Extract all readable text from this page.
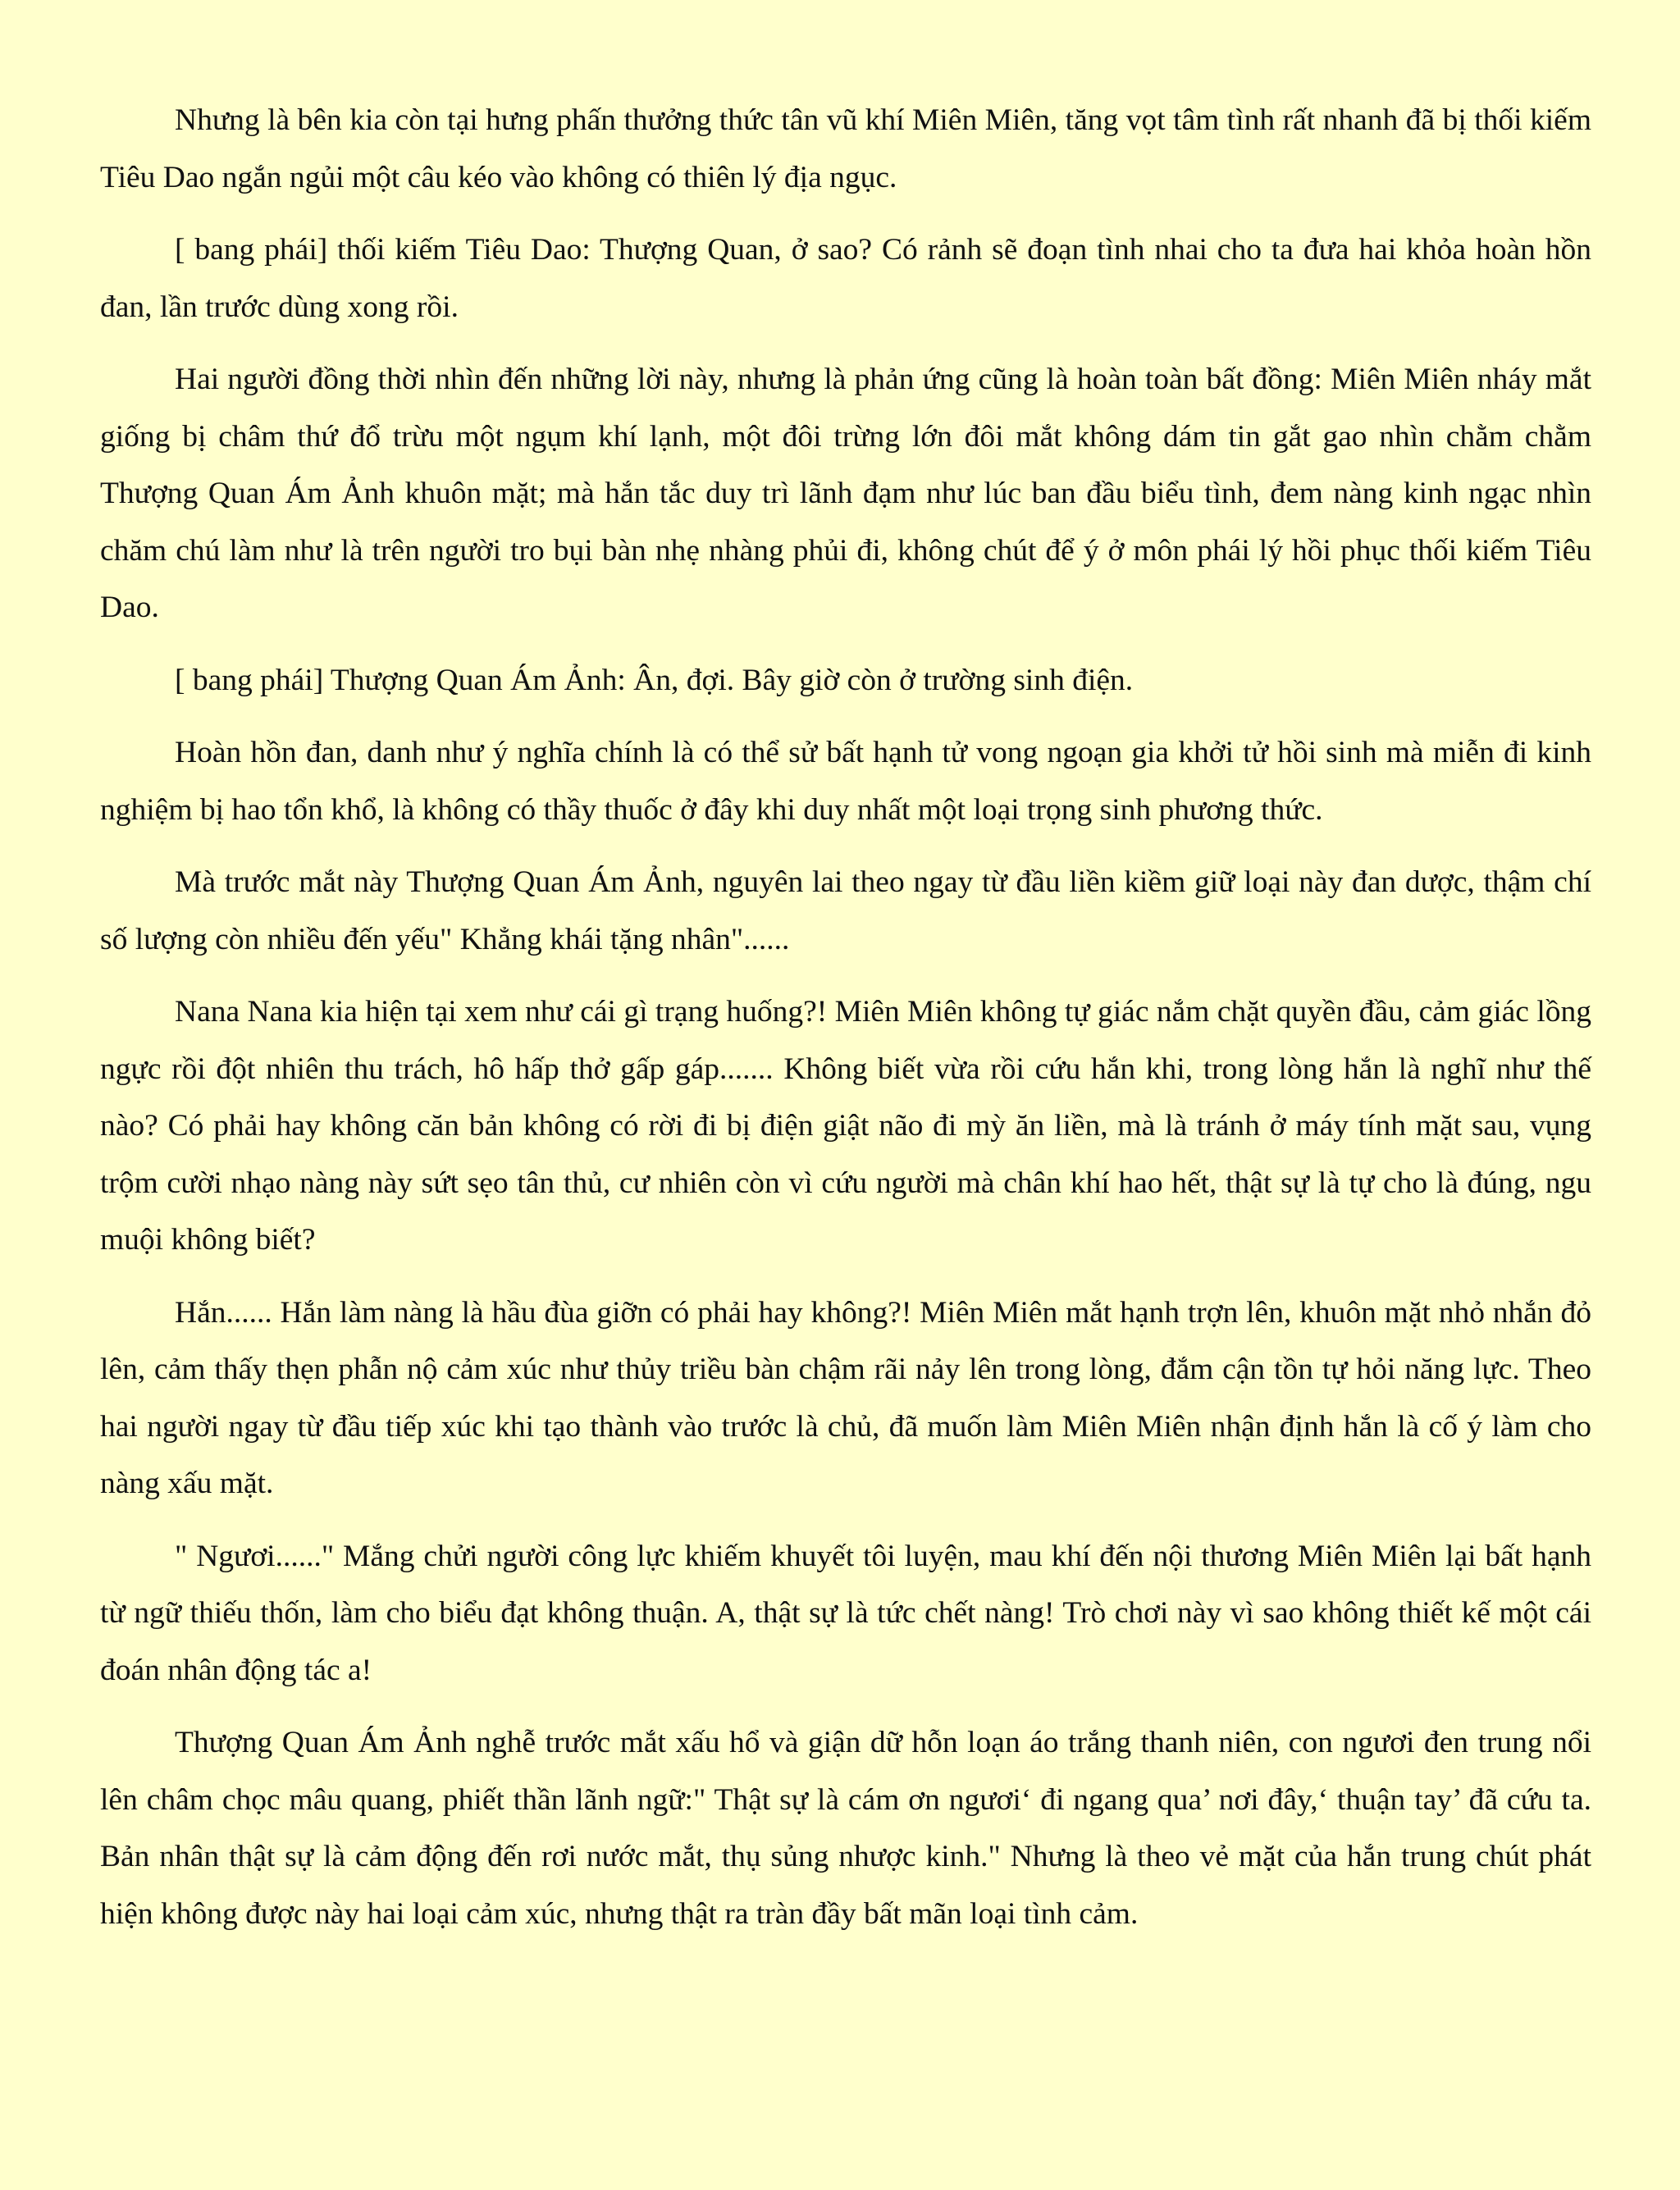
Nhưng là bên kia còn tại hưng phấn thưởng thức tân vũ khí Miên Miên, tăng vọt tâm tình rất nhanh đã bị thối kiếm Tiêu Dao ngắn ngủi một câu kéo vào không có thiên lý địa ngục.

[ bang phái] thối kiếm Tiêu Dao: Thượng Quan, ở sao? Có rảnh sẽ đoạn tình nhai cho ta đưa hai khỏa hoàn hồn đan, lần trước dùng xong rồi.

Hai người đồng thời nhìn đến những lời này, nhưng là phản ứng cũng là hoàn toàn bất đồng: Miên Miên nháy mắt giống bị châm thứ đổ trừu một ngụm khí lạnh, một đôi trừng lớn đôi mắt không dám tin gắt gao nhìn chằm chằm Thượng Quan Ám Ảnh khuôn mặt; mà hắn tắc duy trì lãnh đạm như lúc ban đầu biểu tình, đem nàng kinh ngạc nhìn chăm chú làm như là trên người tro bụi bàn nhẹ nhàng phủi đi, không chút để ý ở môn phái lý hồi phục thối kiếm Tiêu Dao.

[ bang phái] Thượng Quan Ám Ảnh: Ân, đợi. Bây giờ còn ở trường sinh điện.

Hoàn hồn đan, danh như ý nghĩa chính là có thể sử bất hạnh tử vong ngoạn gia khởi tử hồi sinh mà miễn đi kinh nghiệm bị hao tổn khổ, là không có thầy thuốc ở đây khi duy nhất một loại trọng sinh phương thức.

Mà trước mắt này Thượng Quan Ám Ảnh, nguyên lai theo ngay từ đầu liền kiềm giữ loại này đan dược, thậm chí số lượng còn nhiều đến yếu" Khẳng khái tặng nhân"......

Nana Nana kia hiện tại xem như cái gì trạng huống?! Miên Miên không tự giác nắm chặt quyền đầu, cảm giác lồng ngực rồi đột nhiên thu trách, hô hấp thở gấp gáp....... Không biết vừa rồi cứu hắn khi, trong lòng hắn là nghĩ như thế nào? Có phải hay không căn bản không có rời đi bị điện giật não đi mỳ ăn liền, mà là tránh ở máy tính mặt sau, vụng trộm cười nhạo nàng này sứt sẹo tân thủ, cư nhiên còn vì cứu người mà chân khí hao hết, thật sự là tự cho là đúng, ngu muội không biết?

Hắn...... Hắn làm nàng là hầu đùa giỡn có phải hay không?! Miên Miên mắt hạnh trợn lên, khuôn mặt nhỏ nhắn đỏ lên, cảm thấy thẹn phẫn nộ cảm xúc như thủy triều bàn chậm rãi nảy lên trong lòng, đắm cận tồn tự hỏi năng lực. Theo hai người ngay từ đầu tiếp xúc khi tạo thành vào trước là chủ, đã muốn làm Miên Miên nhận định hắn là cố ý làm cho nàng xấu mặt.

" Ngươi......" Mắng chửi người công lực khiếm khuyết tôi luyện, mau khí đến nội thương Miên Miên lại bất hạnh từ ngữ thiếu thốn, làm cho biểu đạt không thuận. A, thật sự là tức chết nàng! Trò chơi này vì sao không thiết kế một cái đoán nhân động tác a!

Thượng Quan Ám Ảnh nghễ trước mắt xấu hổ và giận dữ hỗn loạn áo trắng thanh niên, con ngươi đen trung nổi lên châm chọc mâu quang, phiết thần lãnh ngữ:" Thật sự là cám ơn ngươi‘ đi ngang qua’ nơi đây,‘ thuận tay’ đã cứu ta. Bản nhân thật sự là cảm động đến rơi nước mắt, thụ sủng nhược kinh." Nhưng là theo vẻ mặt của hắn trung chút phát hiện không được này hai loại cảm xúc, nhưng thật ra tràn đầy bất mãn loại tình cảm.
